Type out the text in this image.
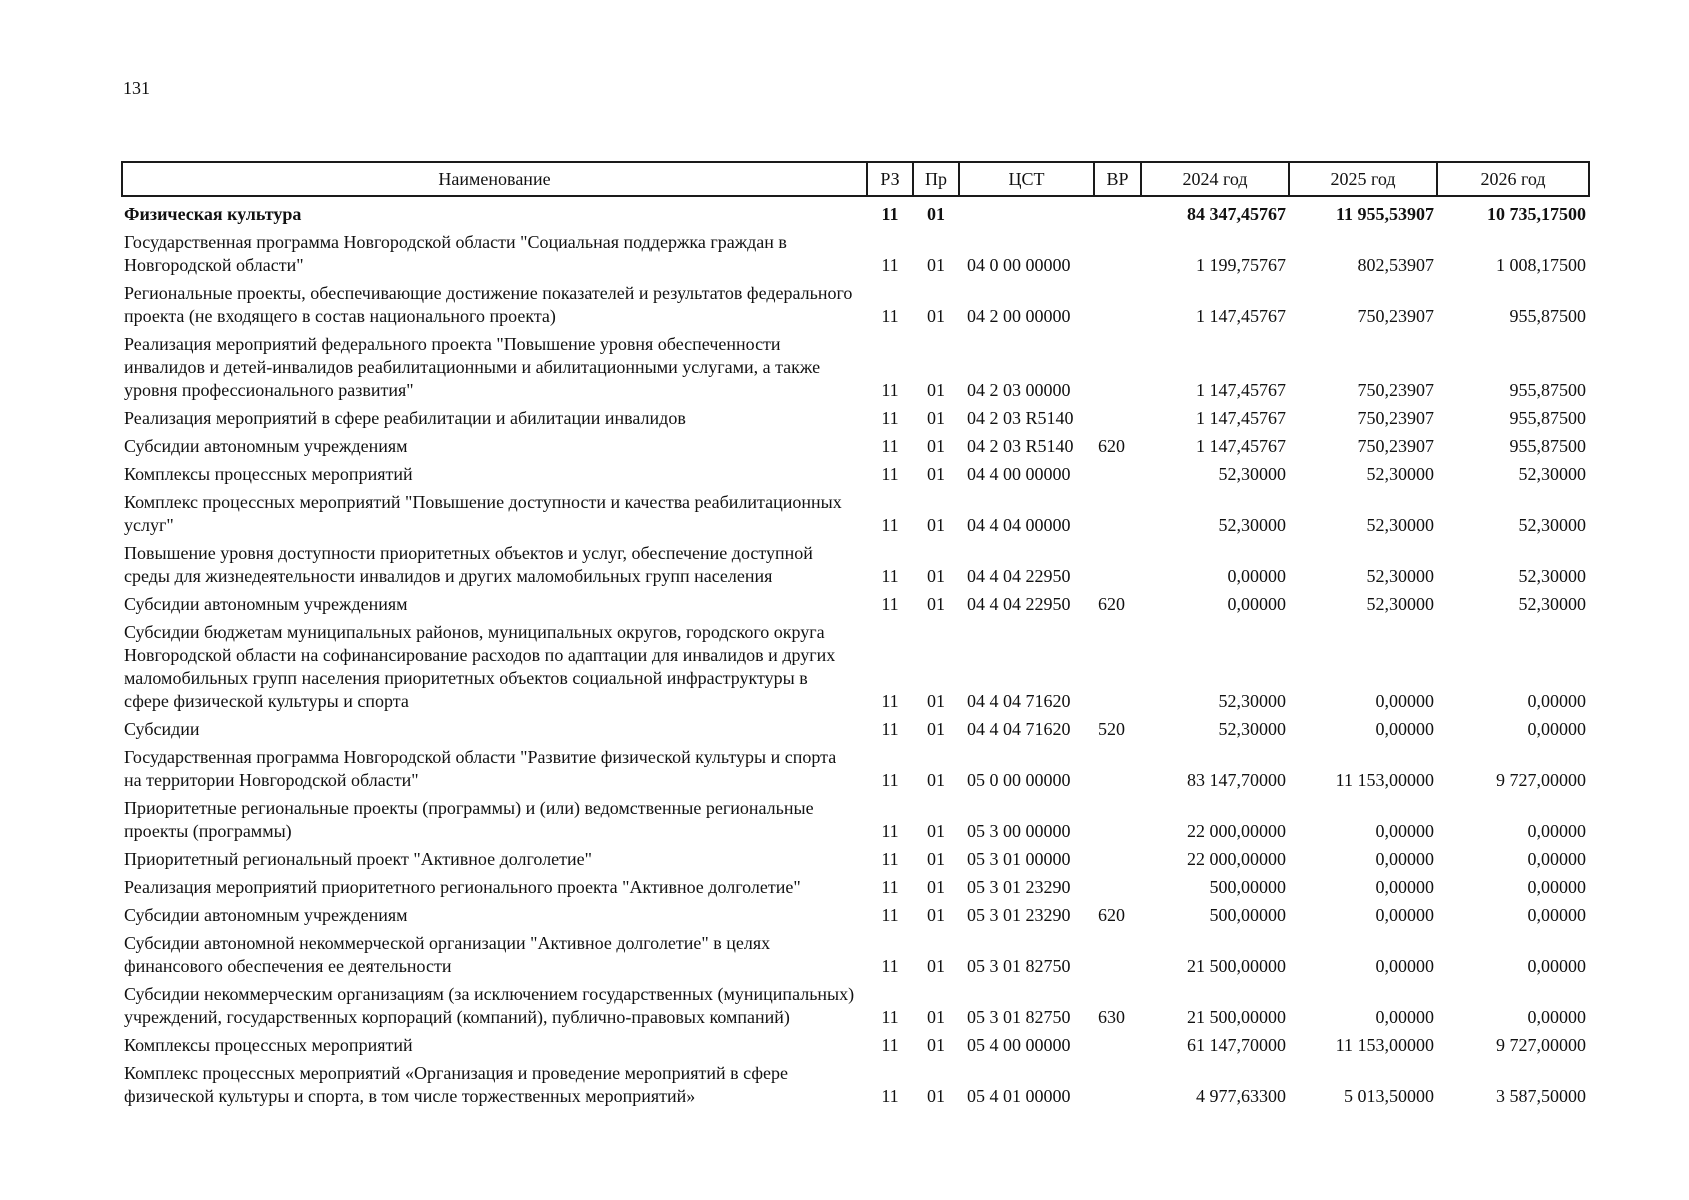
131
Наименование	РЗ	Пр	ЦСТ	ВР	2024 год	2025 год	2026 год
Физическая культура	11	01			84 347,45767	11 955,53907	10 735,17500
Государственная программа Новгородской области "Социальная поддержка граждан в Новгородской области"	11	01	04 0 00 00000		1 199,75767	802,53907	1 008,17500
Региональные проекты, обеспечивающие достижение показателей и результатов федерального проекта (не входящего в состав национального проекта)	11	01	04 2 00 00000		1 147,45767	750,23907	955,87500
Реализация мероприятий федерального проекта "Повышение уровня обеспеченности инвалидов и детей-инвалидов реабилитационными и абилитационными услугами, а также уровня профессионального развития"	11	01	04 2 03 00000		1 147,45767	750,23907	955,87500
Реализация мероприятий в сфере реабилитации и абилитации инвалидов	11	01	04 2 03 R5140		1 147,45767	750,23907	955,87500
Субсидии автономным учреждениям	11	01	04 2 03 R5140	620	1 147,45767	750,23907	955,87500
Комплексы процессных мероприятий	11	01	04 4 00 00000		52,30000	52,30000	52,30000
Комплекс процессных мероприятий "Повышение доступности и качества реабилитационных услуг"	11	01	04 4 04 00000		52,30000	52,30000	52,30000
Повышение уровня доступности приоритетных объектов и услуг, обеспечение доступной среды для жизнедеятельности инвалидов и других маломобильных групп населения	11	01	04 4 04 22950		0,00000	52,30000	52,30000
Субсидии автономным учреждениям	11	01	04 4 04 22950	620	0,00000	52,30000	52,30000
Субсидии бюджетам муниципальных районов, муниципальных округов, городского округа Новгородской области на софинансирование расходов по адаптации для инвалидов и других маломобильных групп населения приоритетных объектов социальной инфраструктуры в сфере физической культуры и спорта	11	01	04 4 04 71620		52,30000	0,00000	0,00000
Субсидии	11	01	04 4 04 71620	520	52,30000	0,00000	0,00000
Государственная программа Новгородской области "Развитие физической культуры и спорта на территории Новгородской области"	11	01	05 0 00 00000		83 147,70000	11 153,00000	9 727,00000
Приоритетные региональные проекты (программы) и (или) ведомственные региональные проекты (программы)	11	01	05 3 00 00000		22 000,00000	0,00000	0,00000
Приоритетный региональный проект "Активное долголетие"	11	01	05 3 01 00000		22 000,00000	0,00000	0,00000
Реализация мероприятий приоритетного регионального проекта "Активное долголетие"	11	01	05 3 01 23290		500,00000	0,00000	0,00000
Субсидии автономным учреждениям	11	01	05 3 01 23290	620	500,00000	0,00000	0,00000
Субсидии автономной некоммерческой организации "Активное долголетие" в целях финансового обеспечения ее деятельности	11	01	05 3 01 82750		21 500,00000	0,00000	0,00000
Субсидии некоммерческим организациям (за исключением государственных (муниципальных) учреждений, государственных корпораций (компаний), публично-правовых компаний)	11	01	05 3 01 82750	630	21 500,00000	0,00000	0,00000
Комплексы процессных мероприятий	11	01	05 4 00 00000		61 147,70000	11 153,00000	9 727,00000
Комплекс процессных мероприятий «Организация и проведение мероприятий в сфере физической культуры и спорта, в том числе торжественных мероприятий»	11	01	05 4 01 00000		4 977,63300	5 013,50000	3 587,50000
